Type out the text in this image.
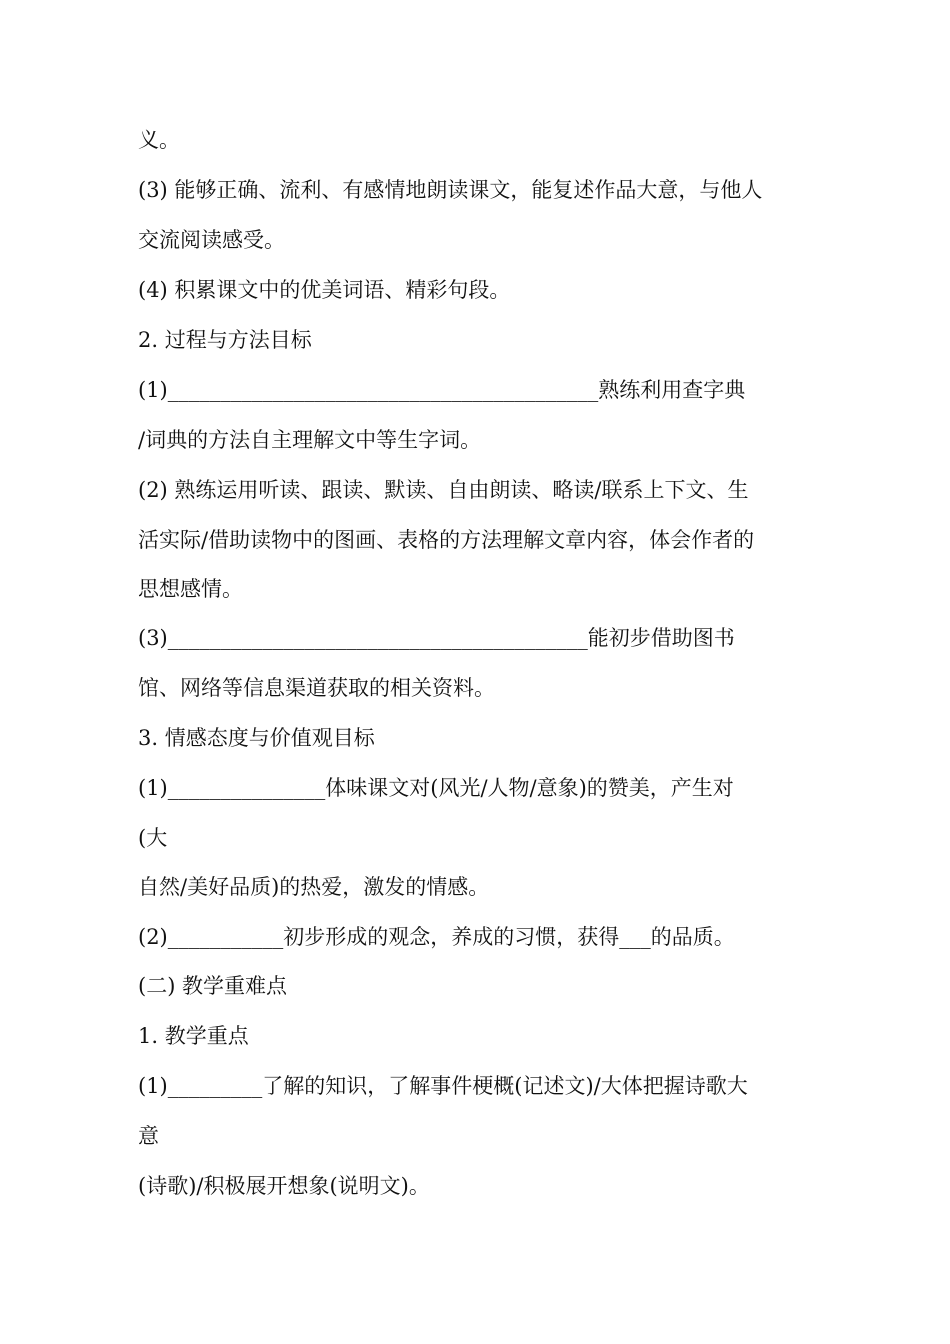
义。
(3) 能够正确、流利、有感情地朗读课文，能复述作品大意，与他人
交流阅读感受。
(4) 积累课文中的优美词语、精彩句段。
2. 过程与方法目标
(1)_________________________________________熟练利用查字典
/词典的方法自主理解文中等生字词。
(2) 熟练运用听读、跟读、默读、自由朗读、略读/联系上下文、生
活实际/借助读物中的图画、表格的方法理解文章内容，体会作者的
思想感情。
(3)________________________________________能初步借助图书
馆、网络等信息渠道获取的相关资料。
3. 情感态度与价值观目标
(1)_______________体味课文对(风光/人物/意象)的赞美，产生对
(大
自然/美好品质)的热爱，激发的情感。
(2)___________初步形成的观念，养成的习惯，获得___的品质。
(二) 教学重难点
1. 教学重点
(1)_________了解的知识，了解事件梗概(记述文)/大体把握诗歌大
意
(诗歌)/积极展开想象(说明文)。
